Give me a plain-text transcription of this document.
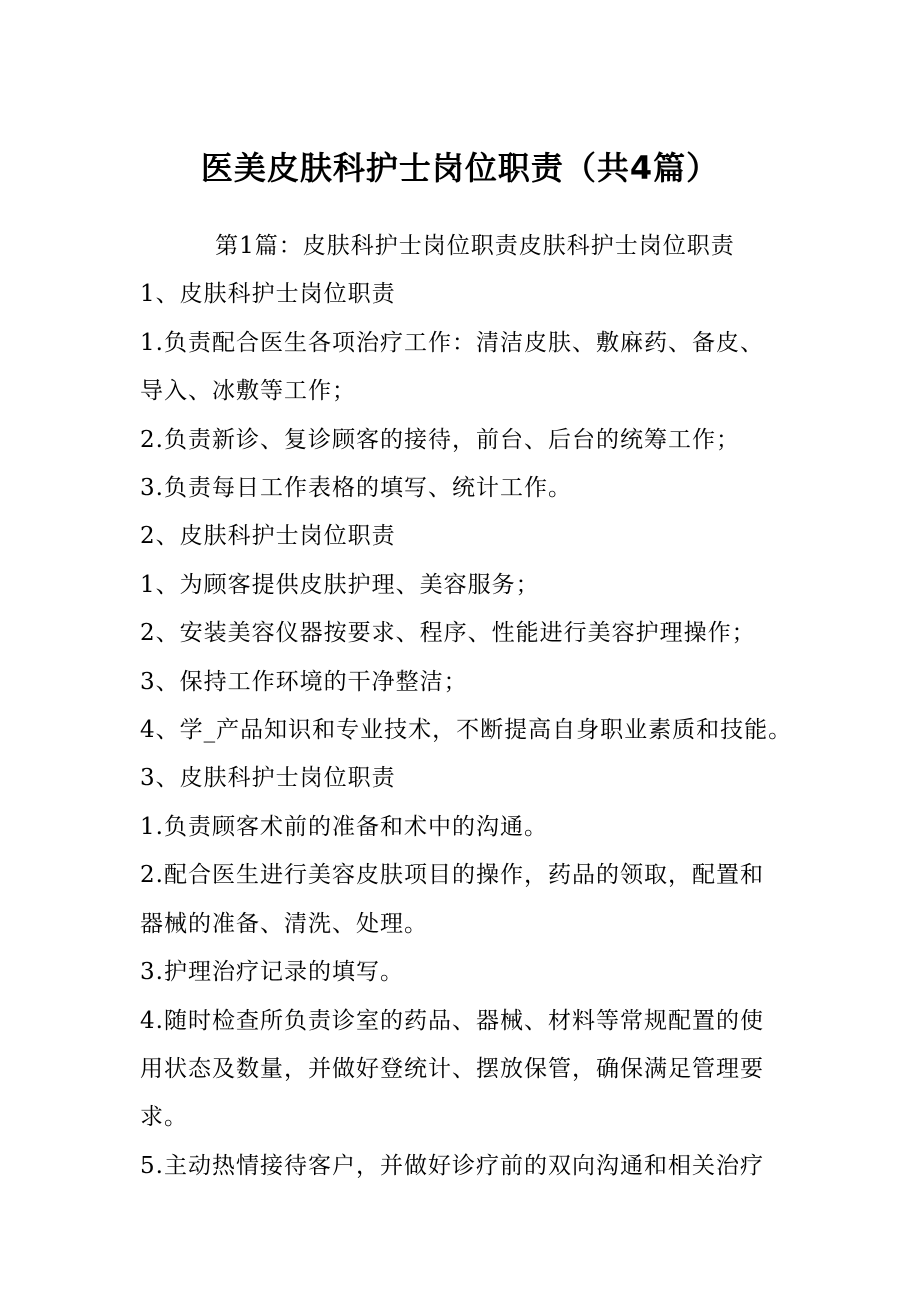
医美皮肤科护士岗位职责（共4篇）

第1篇：皮肤科护士岗位职责皮肤科护士岗位职责

1、皮肤科护士岗位职责

1.负责配合医生各项治疗工作：清洁皮肤、敷麻药、备皮、

导入、冰敷等工作；

2.负责新诊、复诊顾客的接待，前台、后台的统筹工作；

3.负责每日工作表格的填写、统计工作。

2、皮肤科护士岗位职责

1、为顾客提供皮肤护理、美容服务；

2、安装美容仪器按要求、程序、性能进行美容护理操作；

3、保持工作环境的干净整洁；

4、学_产品知识和专业技术，不断提高自身职业素质和技能。

3、皮肤科护士岗位职责

1.负责顾客术前的准备和术中的沟通。

2.配合医生进行美容皮肤项目的操作，药品的领取，配置和

器械的准备、清洗、处理。

3.护理治疗记录的填写。

4.随时检查所负责诊室的药品、器械、材料等常规配置的使

用状态及数量，并做好登统计、摆放保管，确保满足管理要

求。

5.主动热情接待客户，并做好诊疗前的双向沟通和相关治疗
